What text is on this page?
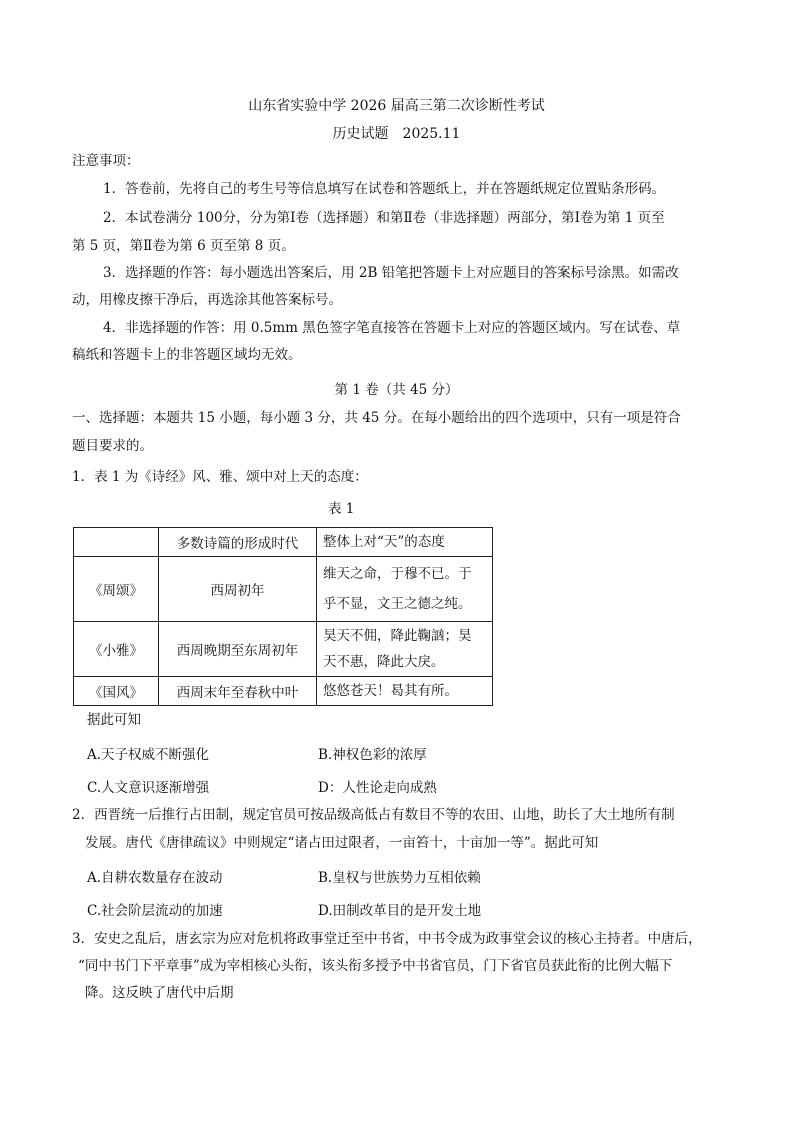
山东省实验中学 2026 届高三第二次诊断性考试
历史试题　2025.11
注意事项：
1．答卷前，先将自己的考生号等信息填写在试卷和答题纸上，并在答题纸规定位置贴条形码。
2．本试卷满分 100分，分为第Ⅰ卷（选择题）和第Ⅱ卷（非选择题）两部分，第Ⅰ卷为第 1 页至
第 5 页，第Ⅱ卷为第 6 页至第 8 页。
3．选择题的作答：每小题选出答案后，用 2B 铅笔把答题卡上对应题目的答案标号涂黑。如需改
动，用橡皮擦干净后，再选涂其他答案标号。
4．非选择题的作答：用 0.5mm 黑色签字笔直接答在答题卡上对应的答题区域内。写在试卷、草
稿纸和答题卡上的非答题区域均无效。
第 1 卷（共 45 分）
一、选择题：本题共 15 小题，每小题 3 分，共 45 分。在每小题给出的四个选项中，只有一项是符合
题目要求的。
1．表 1 为《诗经》风、雅、颂中对上天的态度：
表 1
	多数诗篇的形成时代	整体上对“天”的态度
《周颂》	西周初年	维天之命，于穆不已。于
乎不显，文王之德之纯。

《小雅》	西周晚期至东周初年	昊天不佣，降此鞠訩；昊
天不惠，降此大戾。

《国风》	西周末年至春秋中叶	悠悠苍天！曷其有所。
据此可知
A.天子权威不断强化	B.神权色彩的浓厚
C.人文意识逐渐增强	D：人性论走向成熟
2．西晋统一后推行占田制，规定官员可按品级高低占有数目不等的农田、山地，助长了大土地所有制
发展。唐代《唐律疏议》中则规定“诸占田过限者，一亩笞十，十亩加一等”。据此可知
A.自耕农数量存在波动	B.皇权与世族势力互相依赖
C.社会阶层流动的加速	D.田制改革目的是开发土地
3．安史之乱后，唐玄宗为应对危机将政事堂迁至中书省，中书令成为政事堂会议的核心主持者。中唐后，
“同中书门下平章事”成为宰相核心头衔，该头衔多授予中书省官员，门下省官员获此衔的比例大幅下
降。这反映了唐代中后期
